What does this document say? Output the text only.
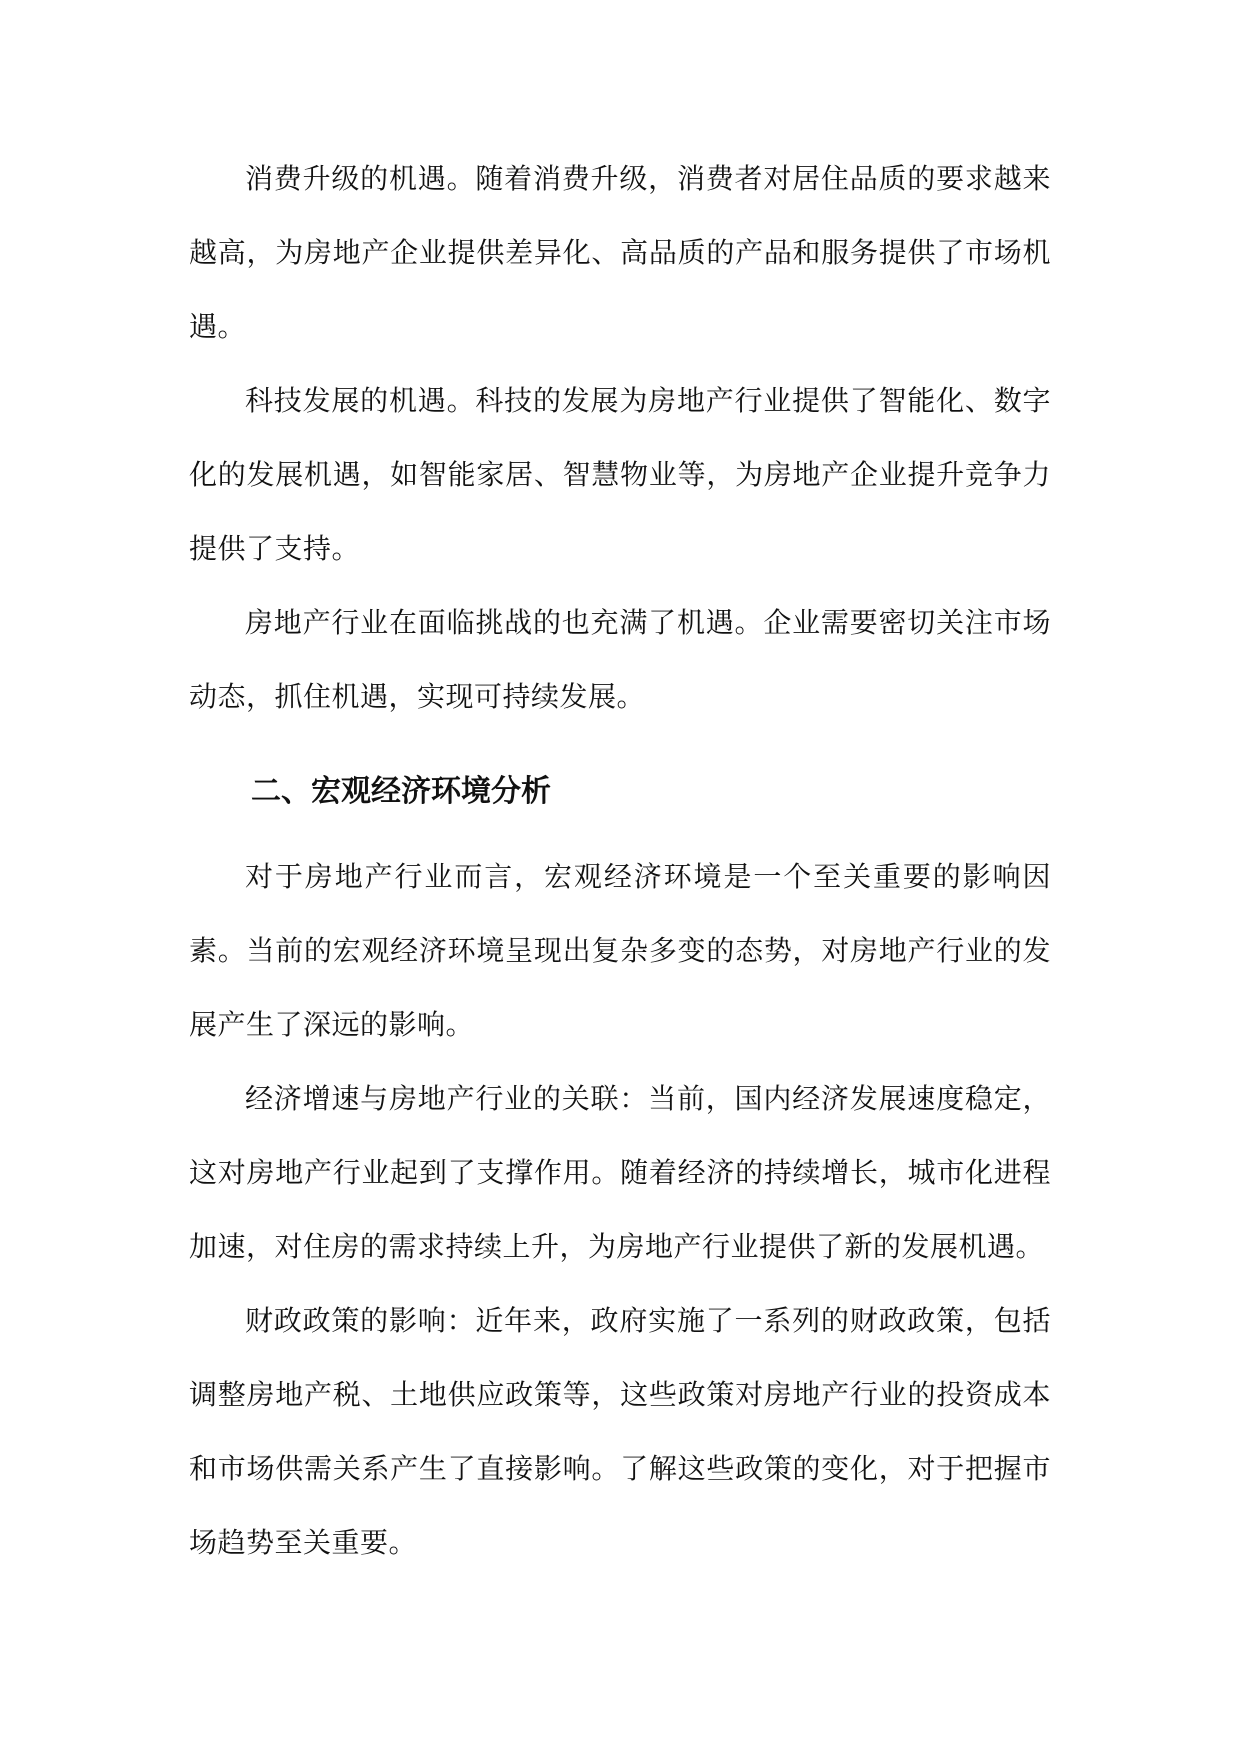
消费升级的机遇。随着消费升级，消费者对居住品质的要求越来越高，为房地产企业提供差异化、高品质的产品和服务提供了市场机遇。

科技发展的机遇。科技的发展为房地产行业提供了智能化、数字化的发展机遇，如智能家居、智慧物业等，为房地产企业提升竞争力提供了支持。

房地产行业在面临挑战的也充满了机遇。企业需要密切关注市场动态，抓住机遇，实现可持续发展。

二、宏观经济环境分析

对于房地产行业而言，宏观经济环境是一个至关重要的影响因素。当前的宏观经济环境呈现出复杂多变的态势，对房地产行业的发展产生了深远的影响。

经济增速与房地产行业的关联：当前，国内经济发展速度稳定，这对房地产行业起到了支撑作用。随着经济的持续增长，城市化进程加速，对住房的需求持续上升，为房地产行业提供了新的发展机遇。

财政政策的影响：近年来，政府实施了一系列的财政政策，包括调整房地产税、土地供应政策等，这些政策对房地产行业的投资成本和市场供需关系产生了直接影响。了解这些政策的变化，对于把握市场趋势至关重要。
